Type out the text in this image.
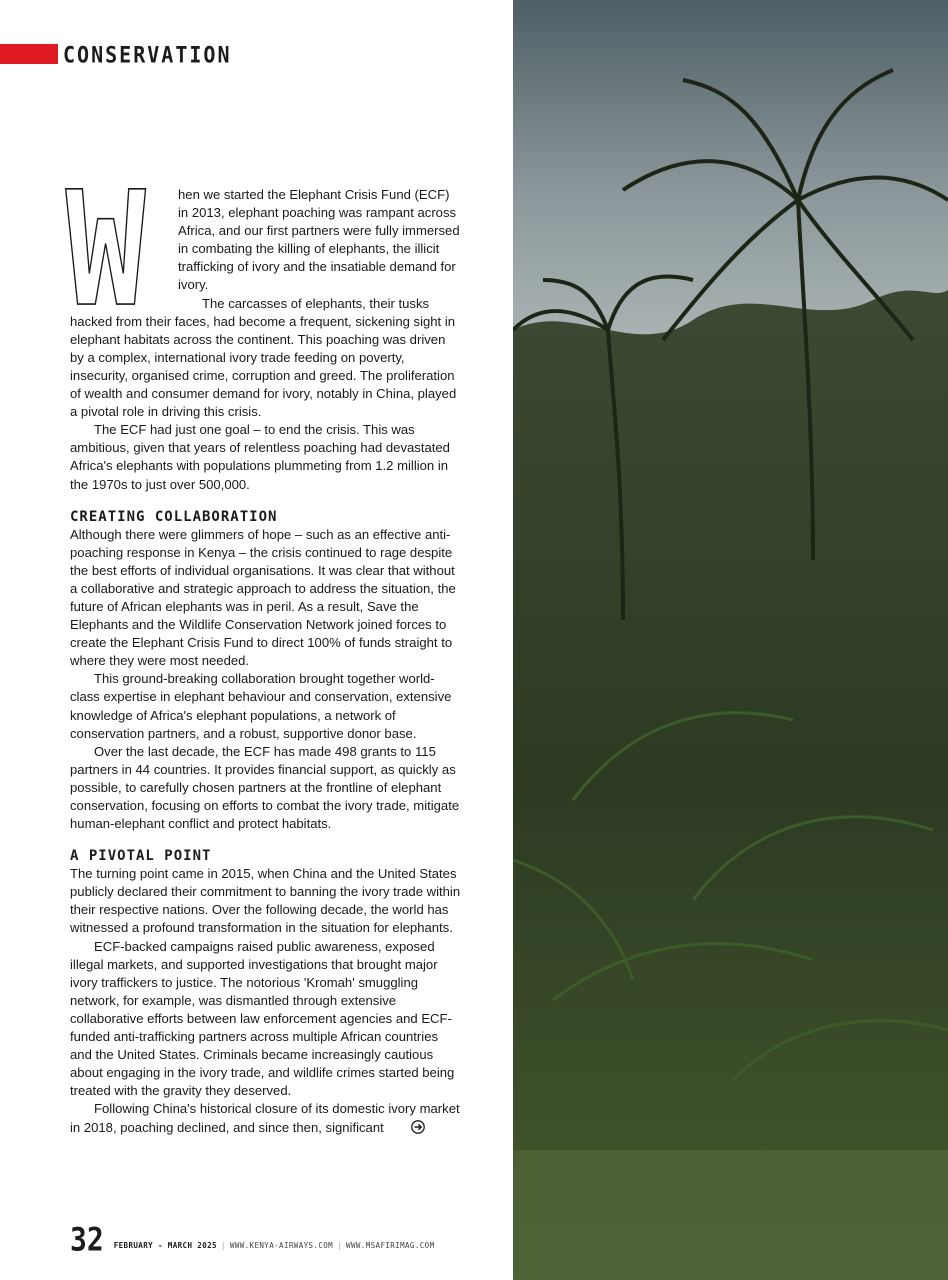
CONSERVATION

W hen we started the Elephant Crisis Fund (ECF) in 2013, elephant poaching was rampant across Africa, and our first partners were fully immersed in combating the killing of elephants, the illicit trafficking of ivory and the insatiable demand for ivory.

The carcasses of elephants, their tusks hacked from their faces, had become a frequent, sickening sight in elephant habitats across the continent. This poaching was driven by a complex, international ivory trade feeding on poverty, insecurity, organised crime, corruption and greed. The proliferation of wealth and consumer demand for ivory, notably in China, played a pivotal role in driving this crisis.

The ECF had just one goal – to end the crisis. This was ambitious, given that years of relentless poaching had devastated Africa's elephants with populations plummeting from 1.2 million in the 1970s to just over 500,000.

CREATING COLLABORATION

Although there were glimmers of hope – such as an effective anti-poaching response in Kenya – the crisis continued to rage despite the best efforts of individual organisations. It was clear that without a collaborative and strategic approach to address the situation, the future of African elephants was in peril. As a result, Save the Elephants and the Wildlife Conservation Network joined forces to create the Elephant Crisis Fund to direct 100% of funds straight to where they were most needed.

This ground-breaking collaboration brought together world-class expertise in elephant behaviour and conservation, extensive knowledge of Africa's elephant populations, a network of conservation partners, and a robust, supportive donor base.

Over the last decade, the ECF has made 498 grants to 115 partners in 44 countries. It provides financial support, as quickly as possible, to carefully chosen partners at the frontline of elephant conservation, focusing on efforts to combat the ivory trade, mitigate human-elephant conflict and protect habitats.

A PIVOTAL POINT

The turning point came in 2015, when China and the United States publicly declared their commitment to banning the ivory trade within their respective nations. Over the following decade, the world has witnessed a profound transformation in the situation for elephants.

ECF-backed campaigns raised public awareness, exposed illegal markets, and supported investigations that brought major ivory traffickers to justice. The notorious 'Kromah' smuggling network, for example, was dismantled through extensive collaborative efforts between law enforcement agencies and ECF-funded anti-trafficking partners across multiple African countries and the United States. Criminals became increasingly cautious about engaging in the ivory trade, and wildlife crimes started being treated with the gravity they deserved.

Following China's historical closure of its domestic ivory market in 2018, poaching declined, and since then, significant

32 FEBRUARY - MARCH 2025 | WWW.KENYA-AIRWAYS.COM | WWW.MSAFIRIMAG.COM
